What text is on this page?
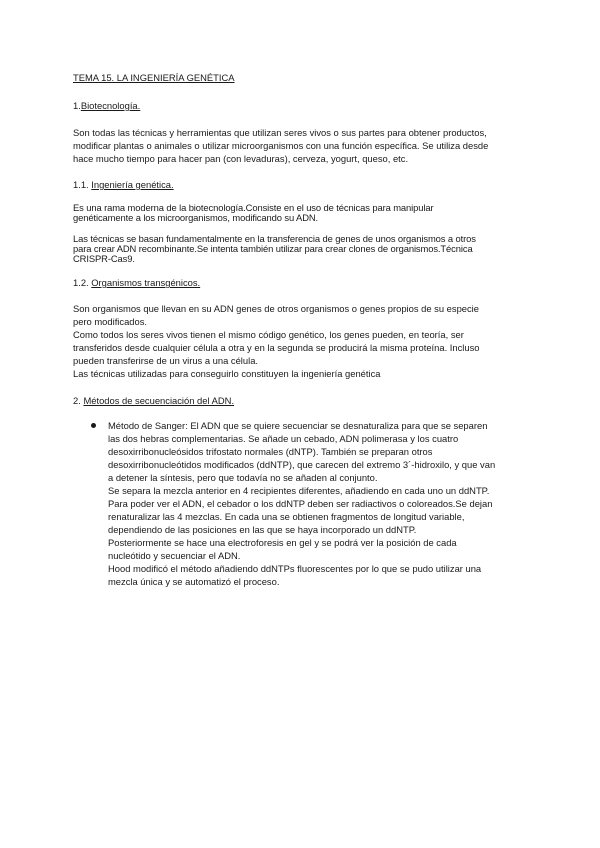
TEMA 15. LA INGENIERÍA GENÉTICA
1.Biotecnología.
Son todas las técnicas y herramientas que utilizan seres vivos o sus partes para obtener productos,
modificar plantas o animales o utilizar microorganismos con una función específica. Se utiliza desde
hace mucho tiempo para hacer pan (con levaduras), cerveza, yogurt, queso, etc.
1.1. Ingeniería genética.
Es una rama moderna de la biotecnología.Consiste en el uso de técnicas para manipular
genéticamente a los microorganismos, modificando su ADN.
Las técnicas se basan fundamentalmente en la transferencia de genes de unos organismos a otros
para crear ADN recombinante.Se intenta también utilizar para crear clones de organismos.Técnica
CRISPR-Cas9.
1.2. Organismos transgénicos.
Son organismos que llevan en su ADN genes de otros organismos o genes propios de su especie
pero modificados.
Como todos los seres vivos tienen el mismo código genético, los genes pueden, en teoría, ser
transferidos desde cualquier célula a otra y en la segunda se producirá la misma proteína. Incluso
pueden transferirse de un virus a una célula.
Las técnicas utilizadas para conseguirlo constituyen la ingeniería genética
2. Métodos de secuenciación del ADN.
Método de Sanger: El ADN que se quiere secuenciar se desnaturaliza para que se separen
las dos hebras complementarias. Se añade un cebado, ADN polimerasa y los cuatro
desoxirribonucleósidos trifostato normales (dNTP). También se preparan otros
desoxirribonucleótidos modificados (ddNTP), que carecen del extremo 3´-hidroxilo, y que van
a detener la síntesis, pero que todavía no se añaden al conjunto.
Se separa la mezcla anterior en 4 recipientes diferentes, añadiendo en cada uno un ddNTP.
Para poder ver el ADN, el cebador o los ddNTP deben ser radiactivos o coloreados.Se dejan
renaturalizar las 4 mezclas. En cada una se obtienen fragmentos de longitud variable,
dependiendo de las posiciones en las que se haya incorporado un ddNTP.
Posteriormente se hace una electroforesis en gel y se podrá ver la posición de cada
nucleótido y secuenciar el ADN.
Hood modificó el método añadiendo ddNTPs fluorescentes por lo que se pudo utilizar una
mezcla única y se automatizó el proceso.
